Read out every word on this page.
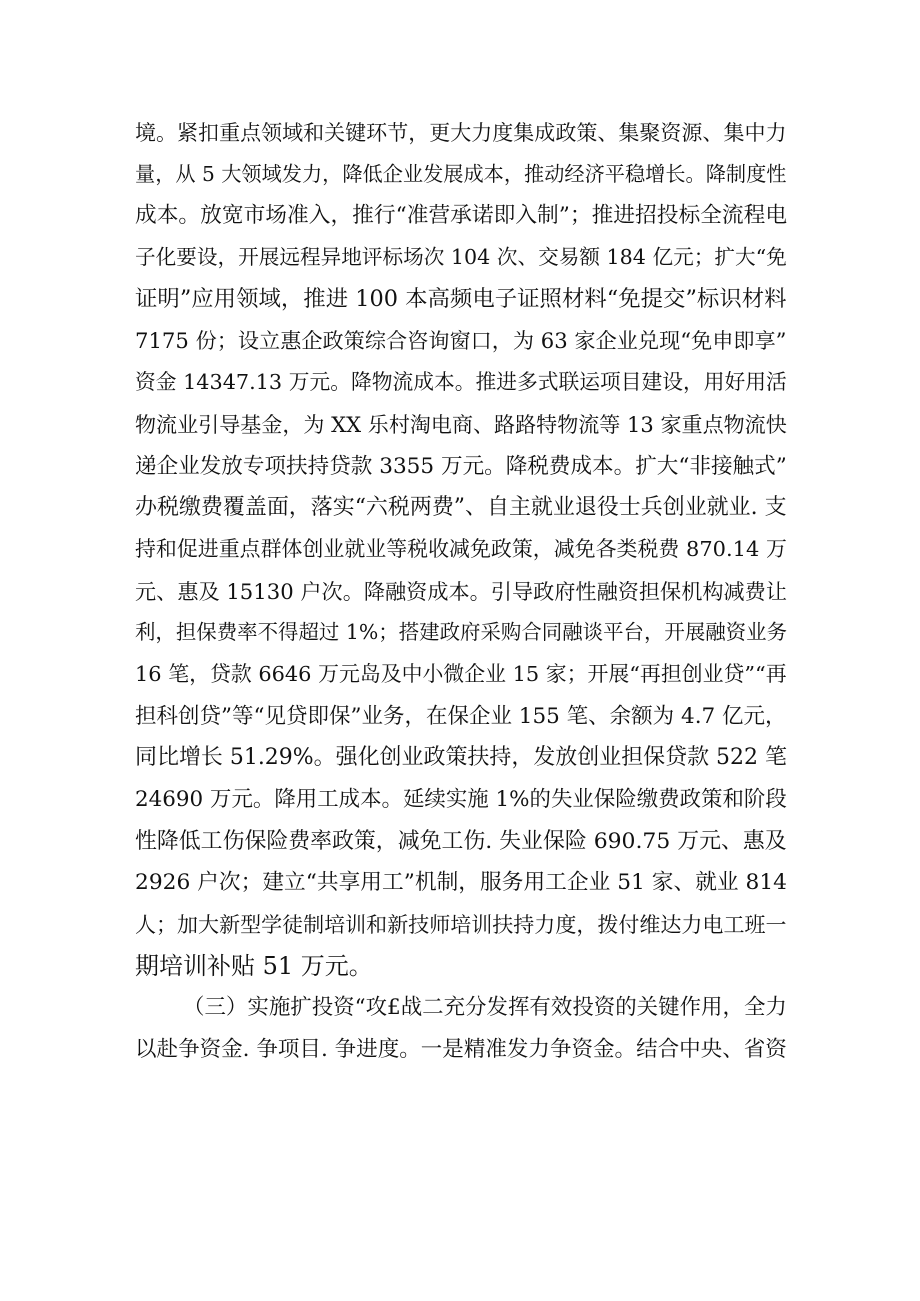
境。紧扣重点领域和关键环节，更大力度集成政策、集聚资源、集中力
量，从 5 大领域发力，降低企业发展成本，推动经济平稳增长。降制度性
成本。放宽市场准入，推行“准营承诺即入制”；推进招投标全流程电
子化要设，开展远程异地评标场次 104 次、交易额 184 亿元；扩大“免
证明”应用领域，推进 100 本高频电子证照材料“免提交”标识材料
7175 份；设立惠企政策综合咨询窗口，为 63 家企业兑现“免申即享”
资金 14347.13 万元。降物流成本。推进多式联运项目建设，用好用活
物流业引导基金，为 XX 乐村淘电商、路路特物流等 13 家重点物流快
递企业发放专项扶持贷款 3355 万元。降税费成本。扩大“非接触式”
办税缴费覆盖面，落实“六税两费”、自主就业退役士兵创业就业. 支
持和促进重点群体创业就业等税收减免政策，减免各类税费 870.14 万
元、惠及 15130 户次。降融资成本。引导政府性融资担保机构减费让
利，担保费率不得超过 1%；搭建政府采购合同融谈平台，开展融资业务
16 笔，贷款 6646 万元岛及中小微企业 15 家；开展“再担创业贷”“再
担科创贷”等“见贷即保”业务，在保企业 155 笔、余额为 4.7 亿元，
同比增长 51.29%。强化创业政策扶持，发放创业担保贷款 522 笔
24690 万元。降用工成本。延续实施 1%的失业保险缴费政策和阶段
性降低工伤保险费率政策，减免工伤. 失业保险 690.75 万元、惠及
2926 户次；建立“共享用工”机制，服务用工企业 51 家、就业 814
人；加大新型学徒制培训和新技师培训扶持力度，拨付维达力电工班一
期培训补贴 51 万元。
（三）实施扩投资“攻£战二充分发挥有效投资的关键作用，全力
以赴争资金. 争项目. 争进度。一是精准发力争资金。结合中央、省资
